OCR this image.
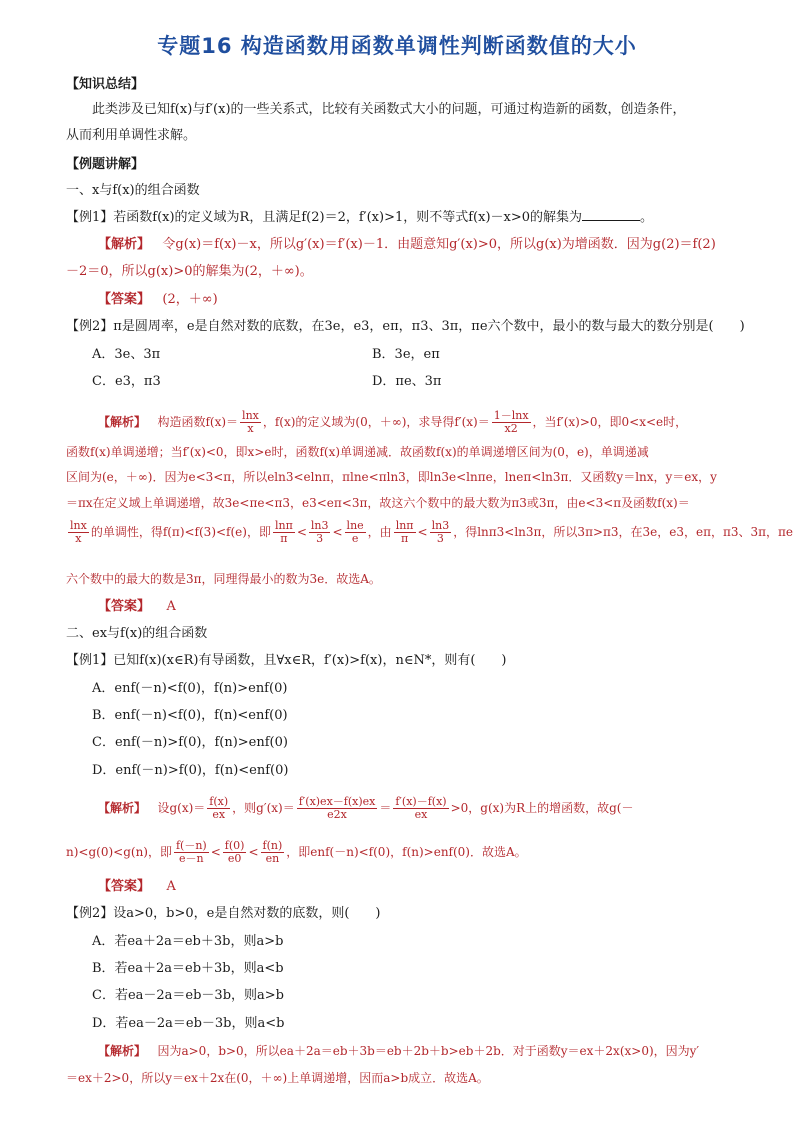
专题16 构造函数用函数单调性判断函数值的大小
【知识总结】
此类涉及已知f(x)与f′(x)的一些关系式，比较有关函数式大小的问题，可通过构造新的函数，创造条件，
从而利用单调性求解。
【例题讲解】
一、x与f(x)的组合函数
【例1】若函数f(x)的定义域为R，且满足f(2)＝2，f′(x)>1，则不等式f(x)－x>0的解集为	。
【解析】 令g(x)＝f(x)－x，所以g′(x)＝f′(x)－1．由题意知g′(x)>0，所以g(x)为增函数．因为g(2)＝f(2)
－2＝0，所以g(x)>0的解集为(2，＋∞)。
【答案】 (2，＋∞)
【例2】π是圆周率，e是自然对数的底数，在3e，e3，eπ，π3、3π，πe六个数中，最小的数与最大的数分别是(　　)
A．3e、3π	B．3e，eπ
C．e3，π3	D．πe、3π
【解析】 构造函数$f(x)= \frac{\ln x}{x}$ ，f(x)的定义域为(0，＋∞)，求导得$f'(x)= \frac{1-\ln x}{x2}$ ，当f′(x)>0，即0<x<e时，
函数f(x)单调递增；当f′(x)<0，即x>e时，函数f(x)单调递减．故函数f(x)的单调递增区间为(0，e)，单调递减
区间为(e，＋∞)．因为e<3<π，所以eln3<elnπ，πlne<πln3，即ln3e<lnπe，lneπ<ln3π．又函数y＝lnx，y＝ex，y
＝πx在定义域上单调递增，故3e<πe<π3，e3<eπ<3π，故这六个数中的最大数为π3或3π，由e<3<π及函数f(x)＝
$\frac{\ln x}{x}$ 的单调性，得f(π)<f(3)<f(e)，即 $\frac{\ln\pi}{\pi} < \frac{\ln 3}{3} < \frac{\ln e}{e}$ ，由 $\frac{\ln\pi}{\pi} < \frac{\ln 3}{3}$ ，得lnπ3<ln3π，所以3π>π3，在3e，e3，eπ，π3、3π，πe
六个数中的最大的数是3π，同理得最小的数为3e．故选A。
【答案】 A
二、ex与f(x)的组合函数
【例1】已知f(x)(x∈R)有导函数，且∀x∈R，f′(x)>f(x)，n∈N*，则有(　　)
A．enf(－n)<f(0)，f(n)>enf(0)
B．enf(－n)<f(0)，f(n)<enf(0)
C．enf(－n)>f(0)，f(n)>enf(0)
D．enf(－n)>f(0)，f(n)<enf(0)
【解析】 设$g(x)= \frac{f(x)}{ex}$ ，则$g'(x)= \frac{f'(x)ex-f(x)ex}{e2x} = \frac{f'(x)-f(x)}{ex} >0$，g(x)为R上的增函数，故g(－
n)<g(0)<g(n)，即 $\frac{f(-n)}{e-n} < \frac{f(0)}{e0} < \frac{f(n)}{en}$ ，即enf(－n)<f(0)，f(n)>enf(0)．故选A。
【答案】 A
【例2】设a>0，b>0，e是自然对数的底数，则(　　)
A．若ea＋2a＝eb＋3b，则a>b
B．若ea＋2a＝eb＋3b，则a<b
C．若ea－2a＝eb－3b，则a>b
D．若ea－2a＝eb－3b，则a<b
【解析】 因为a>0，b>0，所以ea＋2a＝eb＋3b＝eb＋2b＋b>eb＋2b．对于函数y＝ex＋2x(x>0)，因为y′
＝ex＋2>0，所以y＝ex＋2x在(0，＋∞)上单调递增，因而a>b成立．故选A。
